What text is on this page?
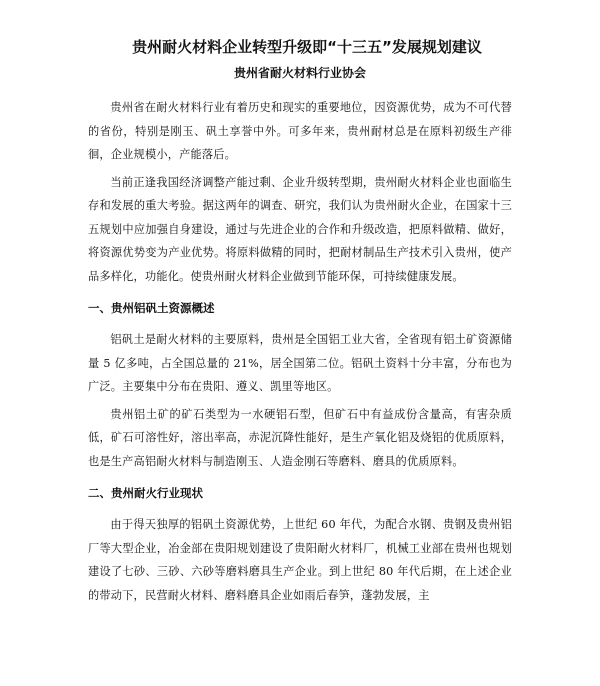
贵州耐火材料企业转型升级即“十三五”发展规划建议
贵州省耐火材料行业协会

贵州省在耐火材料行业有着历史和现实的重要地位，因资源优势，成为不可代替的省份，特别是刚玉、矾土享誉中外。可多年来，贵州耐材总是在原料初级生产徘徊，企业规模小，产能落后。

当前正逢我国经济调整产能过剩、企业升级转型期，贵州耐火材料企业也面临生存和发展的重大考验。据这两年的调查、研究，我们认为贵州耐火企业，在国家十三五规划中应加强自身建设，通过与先进企业的合作和升级改造，把原料做精、做好，将资源优势变为产业优势。将原料做精的同时，把耐材制品生产技术引入贵州，使产品多样化，功能化。使贵州耐火材料企业做到节能环保，可持续健康发展。

一、贵州铝矾土资源概述

铝矾土是耐火材料的主要原料，贵州是全国铝工业大省，全省现有铝土矿资源储量 5 亿多吨，占全国总量的 21%，居全国第二位。铝矾土资料十分丰富，分布也为广泛。主要集中分布在贵阳、遵义、凯里等地区。

贵州铝土矿的矿石类型为一水硬铝石型，但矿石中有益成份含量高，有害杂质低，矿石可溶性好，溶出率高，赤泥沉降性能好，是生产氧化铝及烧铝的优质原料，也是生产高铝耐火材料与制造刚玉、人造金刚石等磨料、磨具的优质原料。

二、贵州耐火行业现状

由于得天独厚的铝矾土资源优势，上世纪 60 年代，为配合水钢、贵钢及贵州铝厂等大型企业，冶金部在贵阳规划建设了贵阳耐火材料厂，机械工业部在贵州也规划建设了七砂、三砂、六砂等磨料磨具生产企业。到上世纪 80 年代后期，在上述企业的带动下，民营耐火材料、磨料磨具企业如雨后春笋，蓬勃发展，主
